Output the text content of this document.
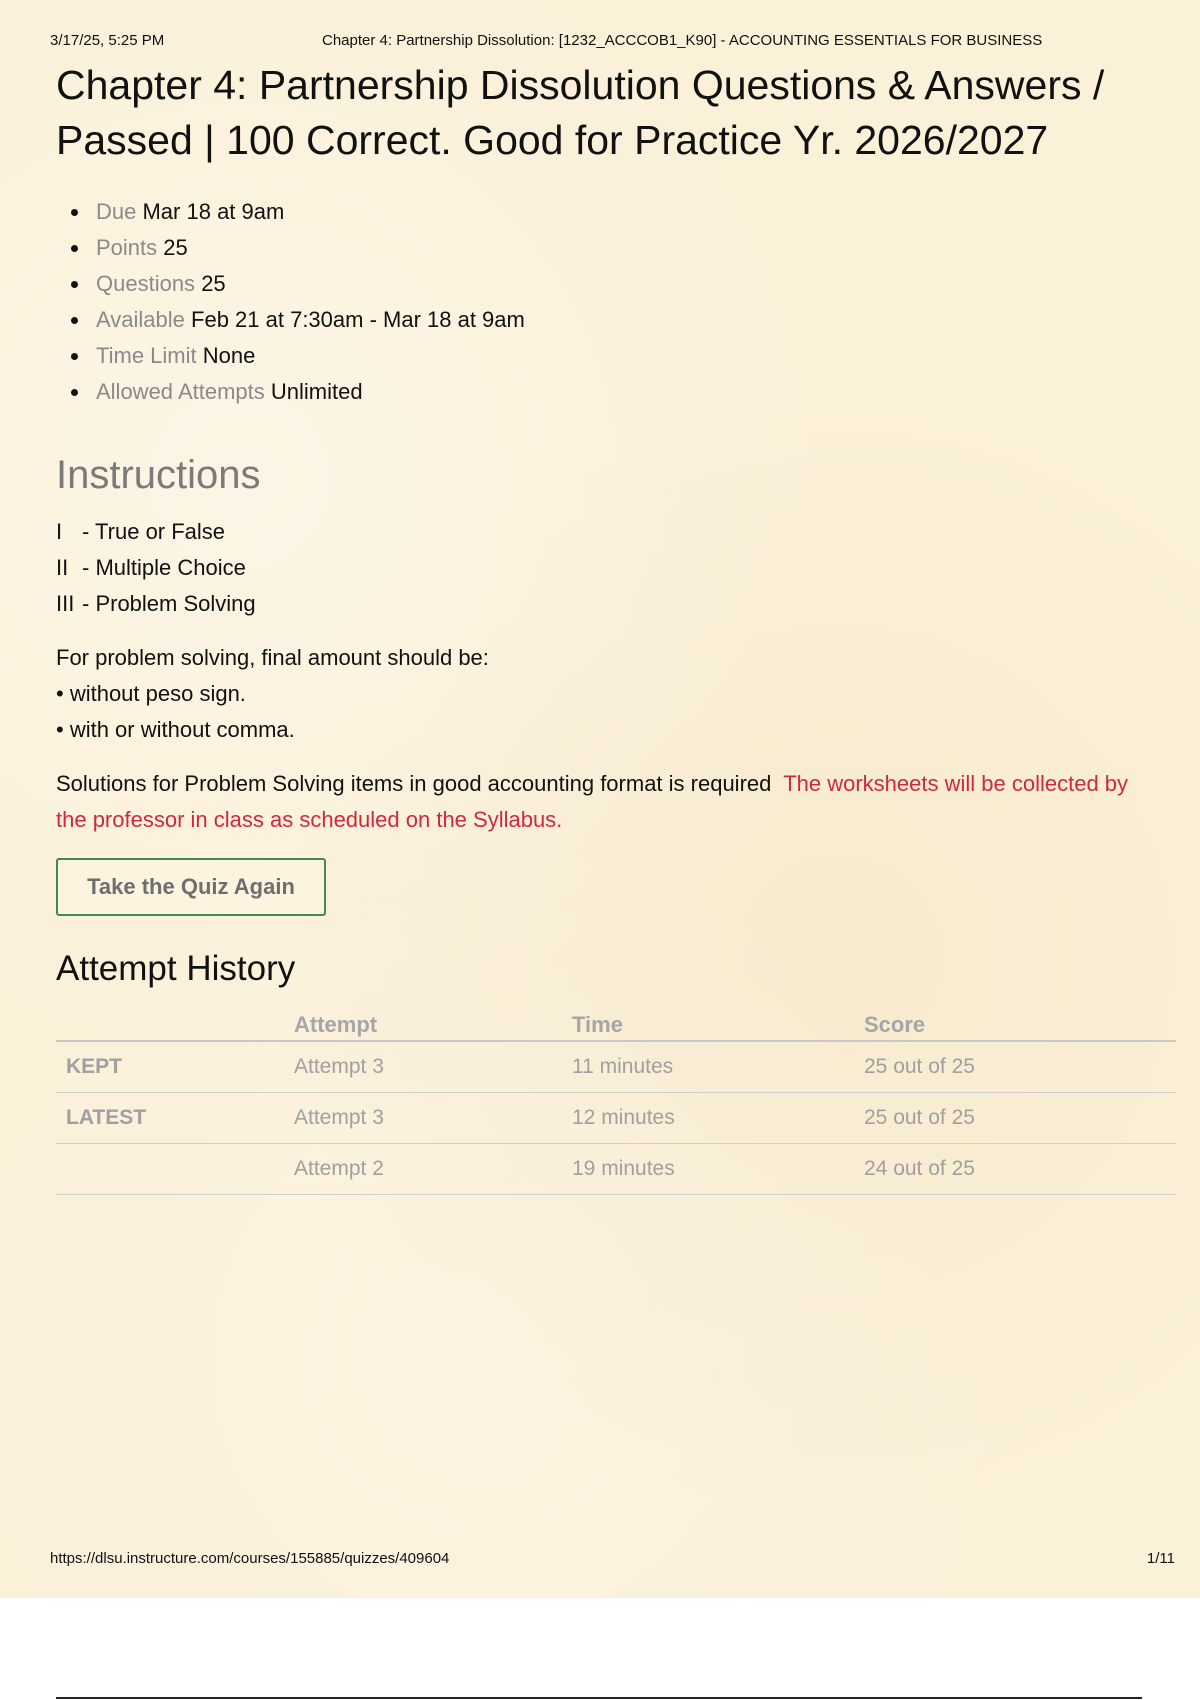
3/17/25, 5:25 PM	Chapter 4: Partnership Dissolution: [1232_ACCCOB1_K90] - ACCOUNTING ESSENTIALS FOR BUSINESS
Chapter 4: Partnership Dissolution Questions & Answers / Passed | 100 Correct. Good for Practice Yr. 2026/2027
Due Mar 18 at 9am
Points 25
Questions 25
Available Feb 21 at 7:30am - Mar 18 at 9am
Time Limit None
Allowed Attempts Unlimited
Instructions
I - True or False
II - Multiple Choice
III - Problem Solving
For problem solving, final amount should be:
• without peso sign.
• with or without comma.
Solutions for Problem Solving items in good accounting format is required The worksheets will be collected by the professor in class as scheduled on the Syllabus.
Take the Quiz Again
Attempt History
	Attempt	Time	Score
KEPT	Attempt 3	11 minutes	25 out of 25
LATEST	Attempt 3	12 minutes	25 out of 25
	Attempt 2	19 minutes	24 out of 25
https://dlsu.instructure.com/courses/155885/quizzes/409604	1/11
